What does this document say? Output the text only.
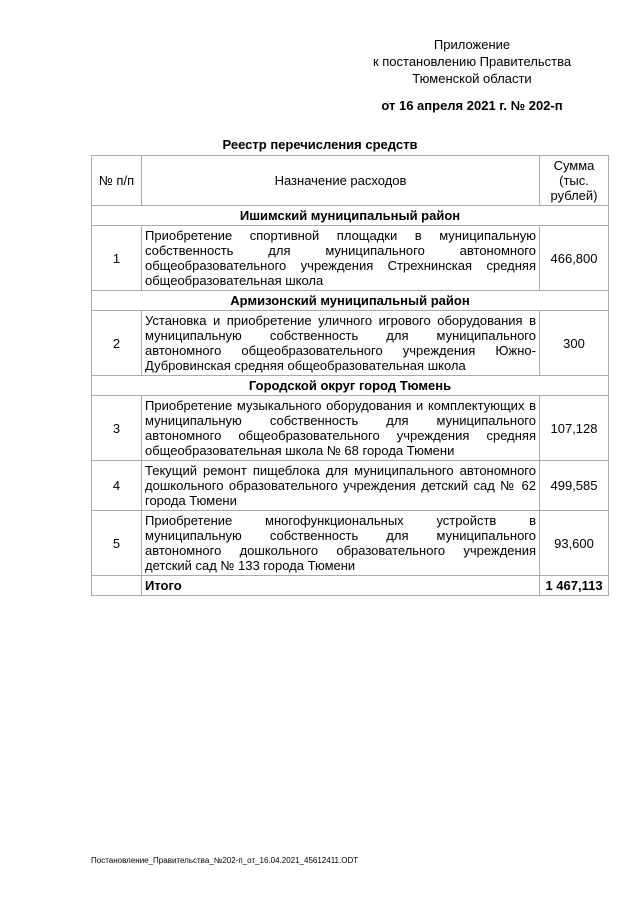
Приложение
к постановлению Правительства
Тюменской области
от 16 апреля 2021 г. № 202-п
Реестр перечисления средств
№ п/п	Назначение расходов	Сумма (тыс. рублей)
Ишимский муниципальный район		
1	Приобретение спортивной площадки в муниципальную собственность для муниципального автономного общеобразовательного учреждения Стрехнинская средняя общеобразовательная школа	466,800
Армизонский муниципальный район		
2	Установка и приобретение уличного игрового оборудования в муниципальную собственность для муниципального автономного общеобразовательного учреждения Южно-Дубровинская средняя общеобразовательная школа	300
Городской округ город Тюмень		
3	Приобретение музыкального оборудования и комплектующих в муниципальную собственность для муниципального автономного общеобразовательного учреждения средняя общеобразовательная школа № 68 города Тюмени	107,128
4	Текущий ремонт пищеблока для муниципального автономного дошкольного образовательного учреждения детский сад № 62 города Тюмени	499,585
5	Приобретение многофункциональных устройств в муниципальную собственность для муниципального автономного дошкольного образовательного учреждения детский сад № 133 города Тюмени	93,600
	Итого	1 467,113
Постановление_Правительства_№202-п_от_16.04.2021_45612411.ODT
